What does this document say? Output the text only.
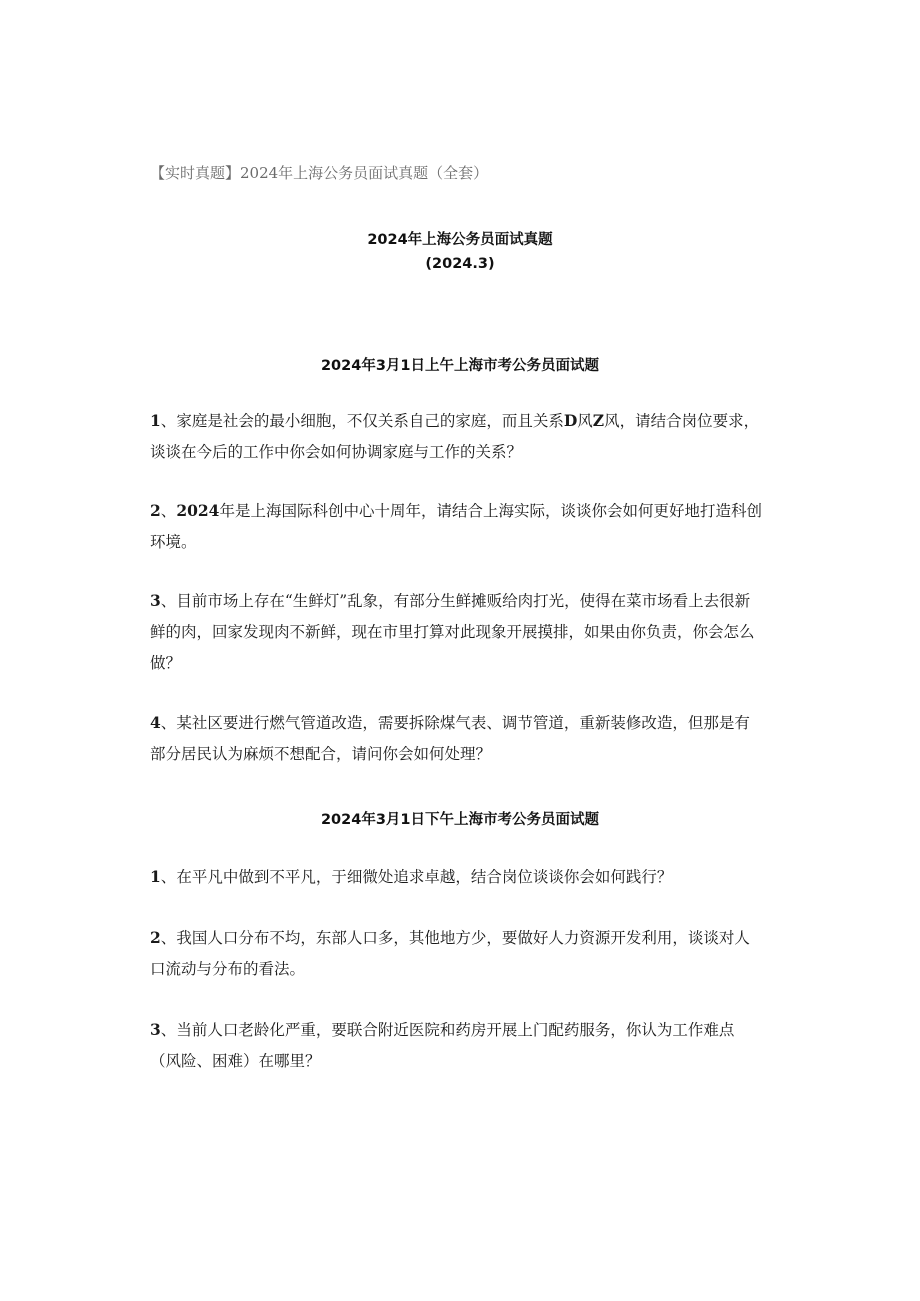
【实时真题】2024年上海公务员面试真题（全套）
2024年上海公务员面试真题
(2024.3)
2024年3月1日上午上海市考公务员面试题
1、家庭是社会的最小细胞，不仅关系自己的家庭，而且关系D风Z风，请结合岗位要求，谈谈在今后的工作中你会如何协调家庭与工作的关系？
2、2024年是上海国际科创中心十周年，请结合上海实际，谈谈你会如何更好地打造科创环境。
3、目前市场上存在“生鲜灯”乱象，有部分生鲜摊贩给肉打光，使得在菜市场看上去很新鲜的肉，回家发现肉不新鲜，现在市里打算对此现象开展摸排，如果由你负责，你会怎么做？
4、某社区要进行燃气管道改造，需要拆除煤气表、调节管道，重新装修改造，但那是有部分居民认为麻烦不想配合，请问你会如何处理？
2024年3月1日下午上海市考公务员面试题
1、在平凡中做到不平凡，于细微处追求卓越，结合岗位谈谈你会如何践行？
2、我国人口分布不均，东部人口多，其他地方少，要做好人力资源开发利用，谈谈对人口流动与分布的看法。
3、当前人口老龄化严重，要联合附近医院和药房开展上门配药服务，你认为工作难点（风险、困难）在哪里？
